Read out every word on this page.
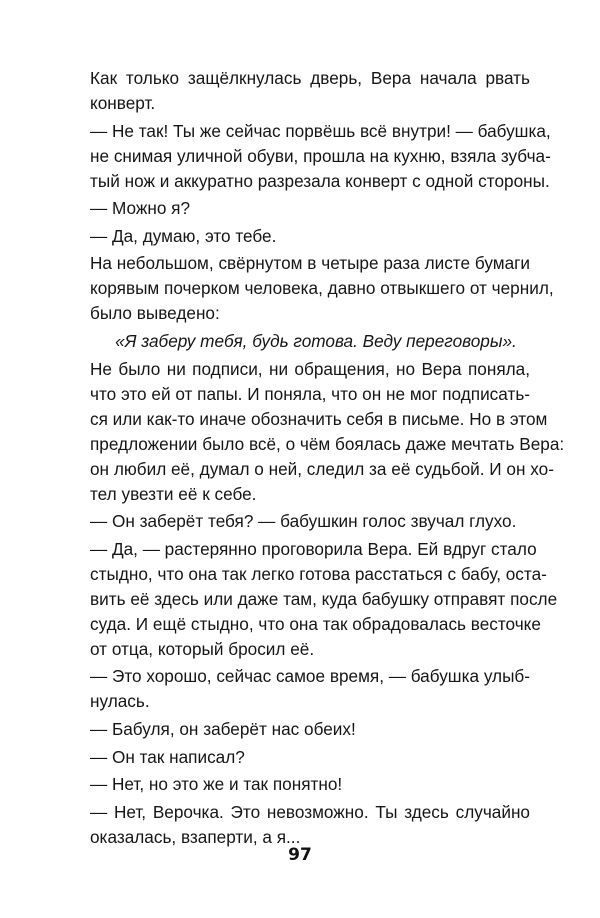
Как только защёлкнулась дверь, Вера начала рвать
конверт.
— Не так! Ты же сейчас порвёшь всё внутри! — бабушка,
не снимая уличной обуви, прошла на кухню, взяла зубча-
тый нож и аккуратно разрезала конверт с одной стороны.
— Можно я?
— Да, думаю, это тебе.
На небольшом, свёрнутом в четыре раза листе бумаги
корявым почерком человека, давно отвыкшего от чернил,
было выведено:
«Я заберу тебя, будь готова. Веду переговоры».
Не было ни подписи, ни обращения, но Вера поняла,
что это ей от папы. И поняла, что он не мог подписать-
ся или как-то иначе обозначить себя в письме. Но в этом
предложении было всё, о чём боялась даже мечтать Вера:
он любил её, думал о ней, следил за её судьбой. И он хо-
тел увезти её к себе.
— Он заберёт тебя? — бабушкин голос звучал глухо.
— Да, — растерянно проговорила Вера. Ей вдруг стало
стыдно, что она так легко готова расстаться с бабу, оста-
вить её здесь или даже там, куда бабушку отправят после
суда. И ещё стыдно, что она так обрадовалась весточке
от отца, который бросил её.
— Это хорошо, сейчас самое время, — бабушка улыб-
нулась.
— Бабуля, он заберёт нас обеих!
— Он так написал?
— Нет, но это же и так понятно!
— Нет, Верочка. Это невозможно. Ты здесь случайно
оказалась, взаперти, а я...
97
